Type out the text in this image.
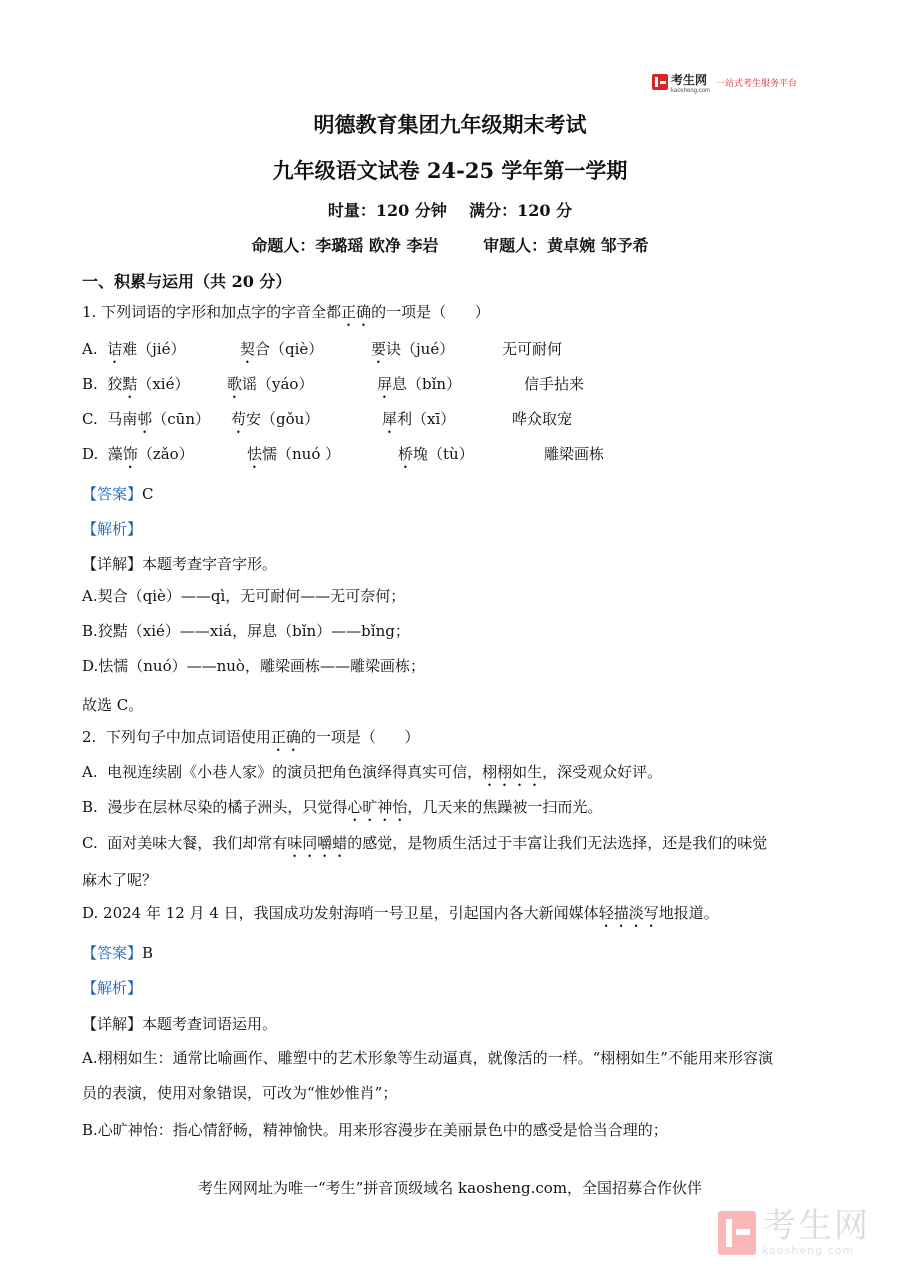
考生网
kaosheng.com
一站式考生服务平台
明德教育集团九年级期末考试
九年级语文试卷 24-25 学年第一学期
时量：120 分钟    满分：120 分
命题人：李璐瑶 欧净 李岩        审题人：黄卓婉 邹予希
一、积累与运用（共 20 分）
1. 下列词语的字形和加点字的字音全都正确的一项是（      ）
A.  诘难（jié）	契合（qiè）	要诀（jué）	无可耐何
B.  狡黠（xié）	歌谣（yáo）	屏息（bǐn）	信手拈来
C.  马南邨（cūn） 苟安（gǒu）	犀利（xī）	哗众取宠
D.  藻饰（zǎo）	怯懦（nuó ）	桥堍（tù）	雕梁画栋
【答案】C
【解析】
【详解】本题考查字音字形。
A.契合（qiè）——qì，无可耐何——无可奈何；
B.狡黠（xié）——xiá，屏息（bǐn）——bǐng；
D.怯懦（nuó）——nuò，雕梁画栋——雕梁画栋；
故选 C。
2.  下列句子中加点词语使用正确的一项是（      ）
A.  电视连续剧《小巷人家》的演员把角色演绎得真实可信，栩栩如生，深受观众好评。
B.  漫步在层林尽染的橘子洲头，只觉得心旷神怡，几天来的焦躁被一扫而光。
C.  面对美味大餐，我们却常有味同嚼蜡的感觉，是物质生活过于丰富让我们无法选择，还是我们的味觉
麻木了呢？
D. 2024 年 12 月 4 日，我国成功发射海哨一号卫星，引起国内各大新闻媒体轻描淡写地报道。
【答案】B
【解析】
【详解】本题考查词语运用。
A.栩栩如生：通常比喻画作、雕塑中的艺术形象等生动逼真，就像活的一样。“栩栩如生”不能用来形容演
员的表演，使用对象错误，可改为“惟妙惟肖”；
B.心旷神怡：指心情舒畅，精神愉快。用来形容漫步在美丽景色中的感受是恰当合理的；
考生网网址为唯一“考生”拼音顶级域名 kaosheng.com，全国招募合作伙伴
考生网
kaosheng.com
